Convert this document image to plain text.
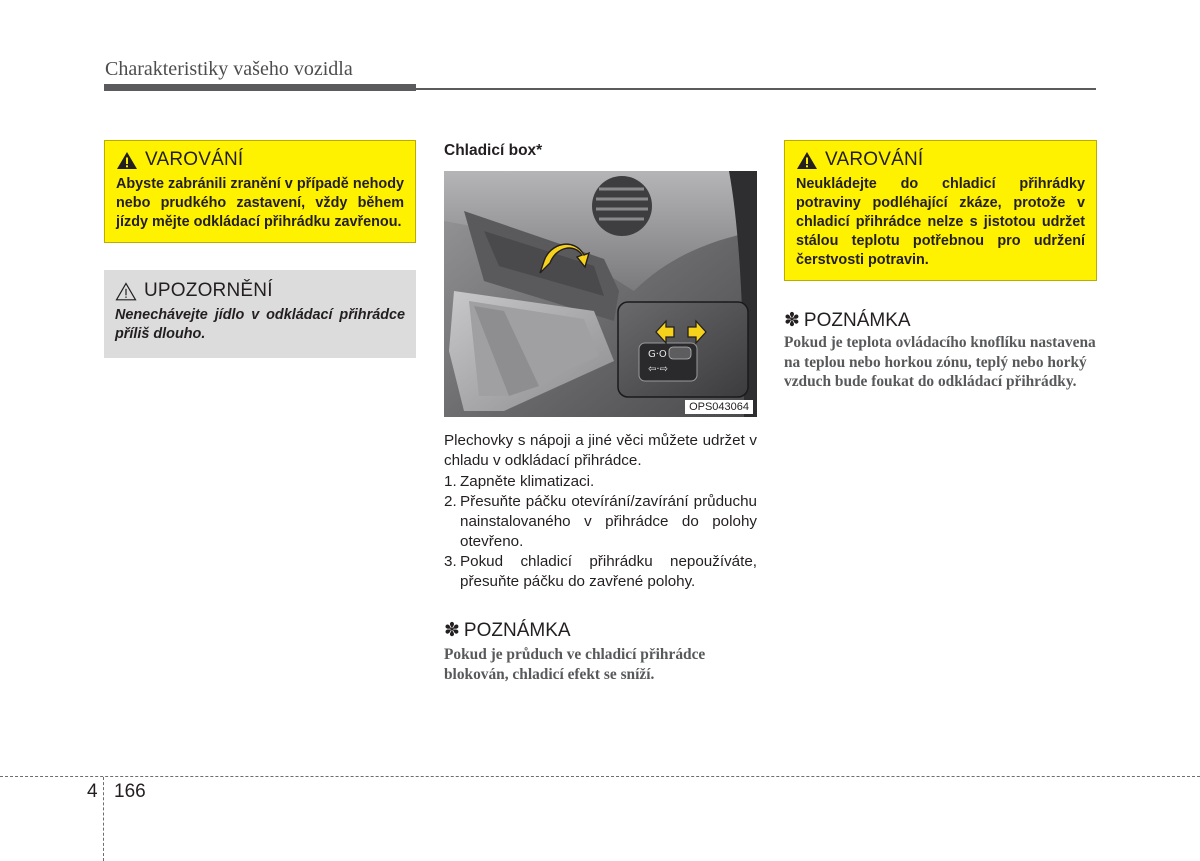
Charakteristiky vašeho vozidla
VAROVÁNÍ
Abyste zabránili zranění v případě nehody nebo prudkého zastavení, vždy během jízdy mějte odkládací přihrádku zavřenou.
UPOZORNĚNÍ
Nenechávejte jídlo v odkládací přihrádce příliš dlouho.
Chladicí box*
G·O
⇦·⇨
OPS043064
Plechovky s nápoji a jiné věci můžete udržet v chladu v odkládací přihrádce.
1. Zapněte klimatizaci.
2. Přesuňte páčku otevírání/zavírání průduchu nainstalovaného v přihrádce do polohy otevřeno.
3. Pokud chladicí přihrádku nepoužíváte, přesuňte páčku do zavřené polohy.
✽ POZNÁMKA
Pokud je průduch ve chladicí přihrádce blokován, chladicí efekt se sníží.
VAROVÁNÍ
Neukládejte do chladicí přihrádky potraviny podléhající zkáze, protože v chladicí přihrádce nelze s jistotou udržet stálou teplotu potřebnou pro udržení čerstvosti potravin.
✽ POZNÁMKA
Pokud je teplota ovládacího knoflíku nastavena na teplou nebo horkou zónu, teplý nebo horký vzduch bude foukat do odkládací přihrádky.
4 166
